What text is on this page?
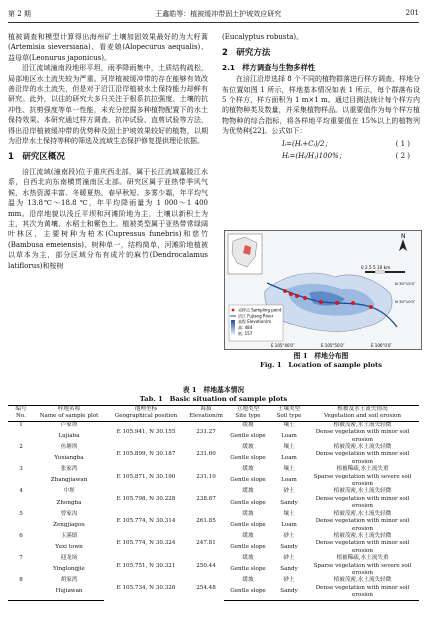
第 2 期	王鑫皓等：植被缓冲带固土护坡效应研究	201

植被调查和模型计算得出海州矿土壤加固效果最好的为大籽蒿(Artemisia sieversiana)、看麦娘(Alopecurus aequalis)、益母草(Leonurus japonicus)。

沿江流域潼南段地形平坦，雨季降雨集中，土质结构疏松，局部地区水土流失较为严重。河岸植被缓冲带的存在能够有效改善沿岸的水土流失，但是对于沿江沿岸植被水土保持能力却鲜有研究。此外，以往的研究大多只关注于根系抗拉强度、土壤的抗冲性、抗剪强度等单一性能，未充分挖掘多种植物配置下的水土保持效果。本研究通过样方调查、抗冲试验、直剪试验等方法，得出沿岸植被缓冲带的优势种及固土护坡效果较好的植物，以期为沿岸水土保持等种的筛选及流域生态保护修复提供理论依据。

1　研究区概况

涪江流域(潼南段)位于重庆西北部，属于长江流域嘉陵江水系，自西北向东南横贯潼南区北部。研究区属于亚热带季风气候，水热资源丰富、冬暖夏热，春早秋短、多雾少霜，年平均气温为 13.8℃～18.8 ℃，年平均降雨量为 1 000～1 400 mm。沿岸地貌以浅丘平坝和河滩阶地为主，土壤以新积土为主，其次为黄壤、水稻土和紫色土。植被类型属于亚热带常绿阔叶林区，主要树种为柏木(Cupressus funebris)和慈竹(Bambusa emeiensis)、树种单一，结构简单，河滩阶地植被以草本为主，部分区域分布有成片的麻竹(Dendrocalamus latiflorus)和桉树

(Eucalyptus robusta)。

2　研究方法
2.1　样方调查与生物多样性

在涪江沿岸选择 8 个不同的植物群落进行样方调查，样地分布位置如图 1 所示，样地基本情况如表 1 所示，每个群落布设 5 个样方，样方面积为 1 m×1 m。通过目测法统计每个样方内的植物种类及数量，并采集植物样品。以重要值作为每个样方植物物种的综合指标，将各样地平均重要值在 15%以上的植物列为优势种[22]。公式如下：

Iᵢ=(Hᵢ+Cᵢ)/2；	( 1 )
Hᵢ=(Hᵢ/Hⱼ)100%；	( 2 )
N
0 2.5 5 10 km
采样点 Sampling point
涪江 Fujiang River
高程 Elevation/m
高: 484
低: 157
E 105°40′0″	E 105°50′0″	E 106°0′0″
N 30°15′0″
N 30°10′0″
图 1　样地分布图
Fig. 1　Location of sample plots
表 1　样地基本情况
Tab. 1　Basic situation of sample plots
编号	样地名称	地理坐标	海拔	立地类型	土壤类型	植被及水土流失情况
No.	Name of sample plot	Geographical position	Elevation/m	Site type	Soil type	Vegetation and soil erosion
1	卢家坝	E 105.941, N 30.155	231.27	缓坡	壤土	植被茂密,水土流失轻微
	Lujiaba			Gentle slope	Loam	Dense vegetation with minor soil erosion
2	鱼塘坝	E 105.899, N 30.187	231.60	缓坡	壤土	植被茂密,水土流失轻微
	Yuxiangba			Gentle slope	Loam	Dense vegetation with minor soil erosion
3	张家湾	E 105.871, N 30.190	231.10	缓坡	壤土	植被稀疏,水土流失重
	Zhangjiawan			Gentle slope	Loam	Sparse vegetation with severe soil erosion
4	中坝	E 105.798, N 30.228	238.87	缓坡	砂土	植被茂密,水土流失轻微
	Zhongba			Gentle slope	Sandy	Dense vegetation with minor soil erosion
5	曾家沟	E 105.774, N 30.314	261.85	缓坡	壤土	植被茂密,水土流失轻微
	Zengjiagou			Gentle slope	Loam	Dense vegetation with minor soil erosion
6	玉溪镇	E 105.774, N 30.324	247.81	缓坡	砂土	植被茂密,水土流失轻微
	Yuxi town			Gentle slope	Sandy	Dense vegetation with minor soil erosion
7	迎龙场	E 105.751, N 30.321	250.44	缓坡	砂土	植被稀疏,水土流失重
	Yinglongjie			Gentle slope	Sandy	Sparse vegetation with severe soil erosion
8	胡家湾	E 105.734, N 30.326	254.48	缓坡	砂土	植被茂密,水土流失轻微
	Hujiawan			Gentle slope	Sandy	Dense vegetation with minor soil erosion
